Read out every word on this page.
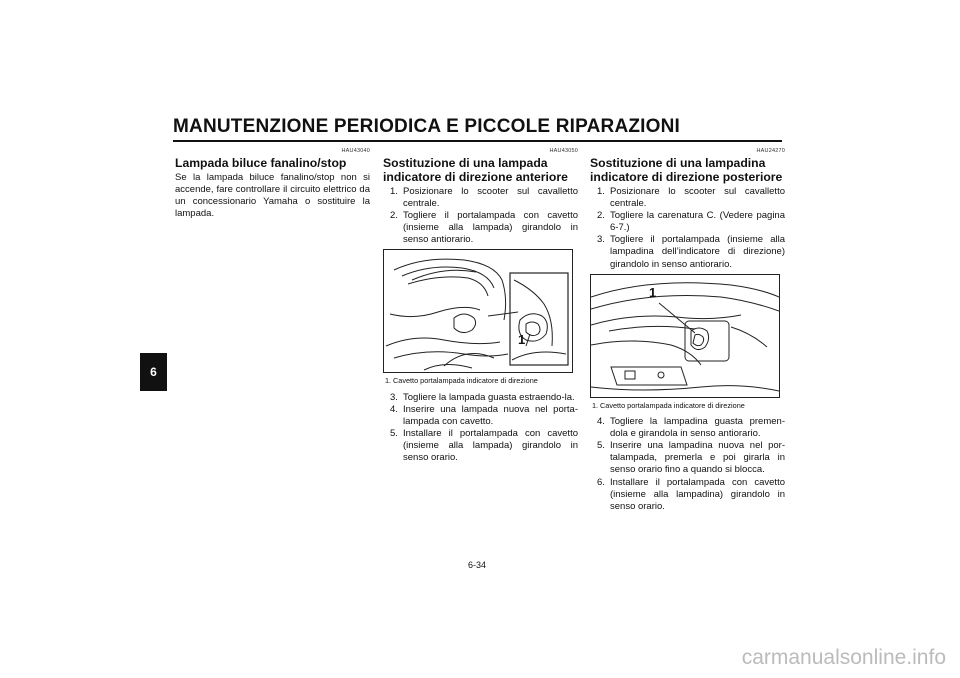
MANUTENZIONE PERIODICA E PICCOLE RIPARAZIONI
6
HAU43040
Lampada biluce fanalino/stop

Se la lampada biluce fanalino/stop non si accende, fare controllare il circuito elettrico da un concessionario Yamaha o sostituire la lampada.

HAU43050
Sostituzione di una lampada indicatore di direzione anteriore
1. Posizionare lo scooter sul cavalletto centrale.
2. Togliere il portalampada con cavetto (insieme alla lampada) girandolo in senso antiorario.
1
1. Cavetto portalampada indicatore di direzione
3. Togliere la lampada guasta estraendo-la.
4. Inserire una lampada nuova nel porta-lampada con cavetto.
5. Installare il portalampada con cavetto (insieme alla lampada) girandolo in senso orario.
HAU24270
Sostituzione di una lampadina indicatore di direzione posteriore
1. Posizionare lo scooter sul cavalletto centrale.
2. Togliere la carenatura C. (Vedere pagina 6-7.)
3. Togliere il portalampada (insieme alla lampadina dell’indicatore di direzione) girandolo in senso antiorario.
1
1. Cavetto portalampada indicatore di direzione
4. Togliere la lampadina guasta premen-dola e girandola in senso antiorario.
5. Inserire una lampadina nuova nel por-talampada, premerla e poi girarla in senso orario fino a quando si blocca.
6. Installare il portalampada con cavetto (insieme alla lampadina) girandolo in senso orario.
6-34
carmanualsonline.info
